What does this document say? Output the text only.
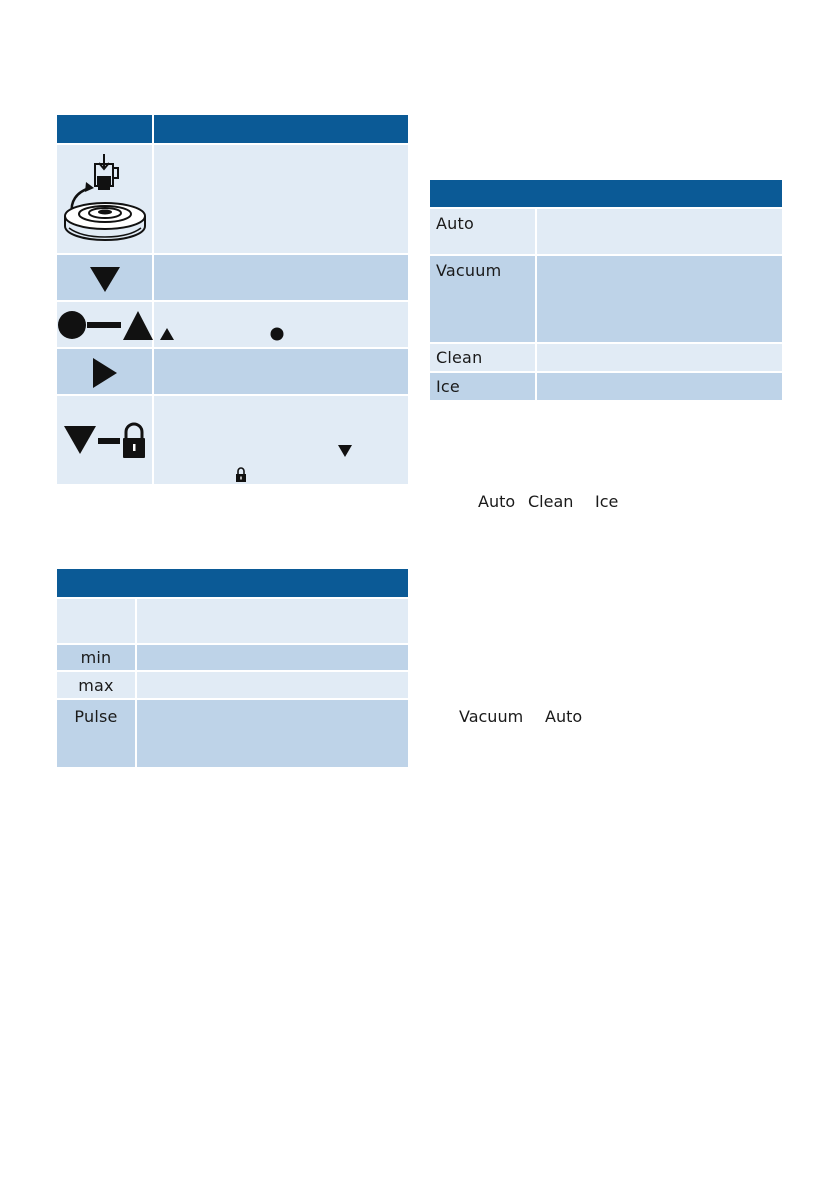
min
max
Pulse
Auto
Vacuum
Clean
Ice
Auto Clean Ice
Vacuum Auto
